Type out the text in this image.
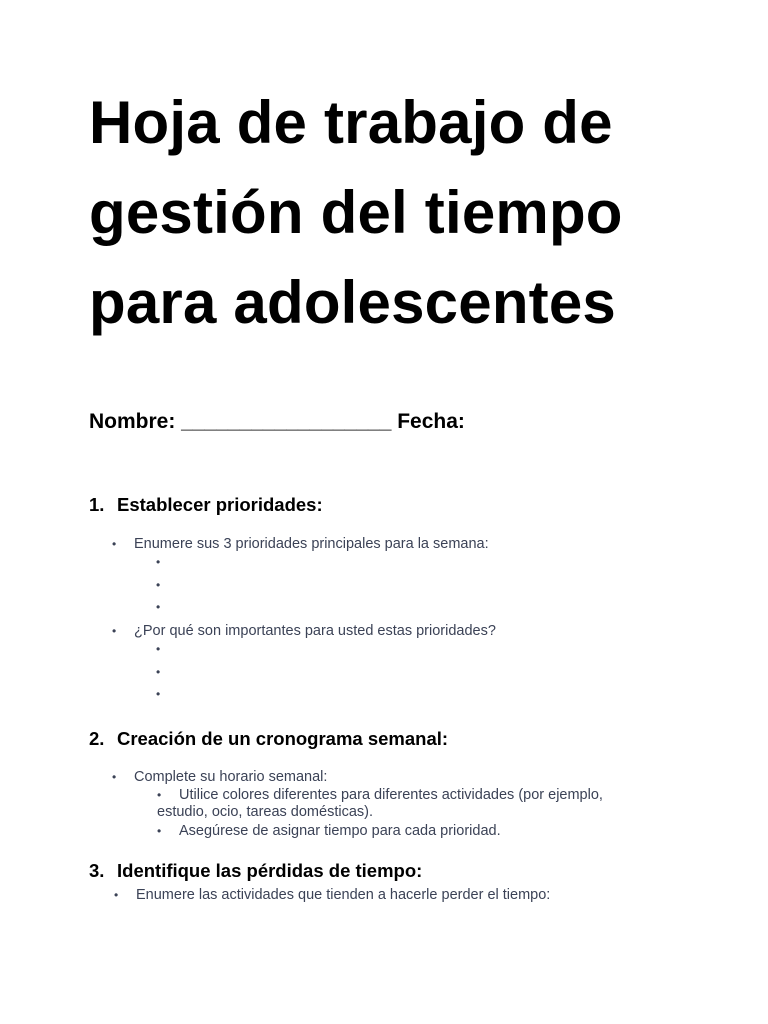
Hoja de trabajo de gestión del tiempo para adolescentes

Nombre: __________________ Fecha:

1. Establecer prioridades:

• Enumere sus 3 prioridades principales para la semana:

•
•
•

• ¿Por qué son importantes para usted estas prioridades?

•
•
•
2. Creación de un cronograma semanal:

• Complete su horario semanal:

• Utilice colores diferentes para diferentes actividades (por ejemplo, estudio, ocio, tareas domésticas).

• Asegúrese de asignar tiempo para cada prioridad.

3. Identifique las pérdidas de tiempo:

• Enumere las actividades que tienden a hacerle perder el tiempo:
